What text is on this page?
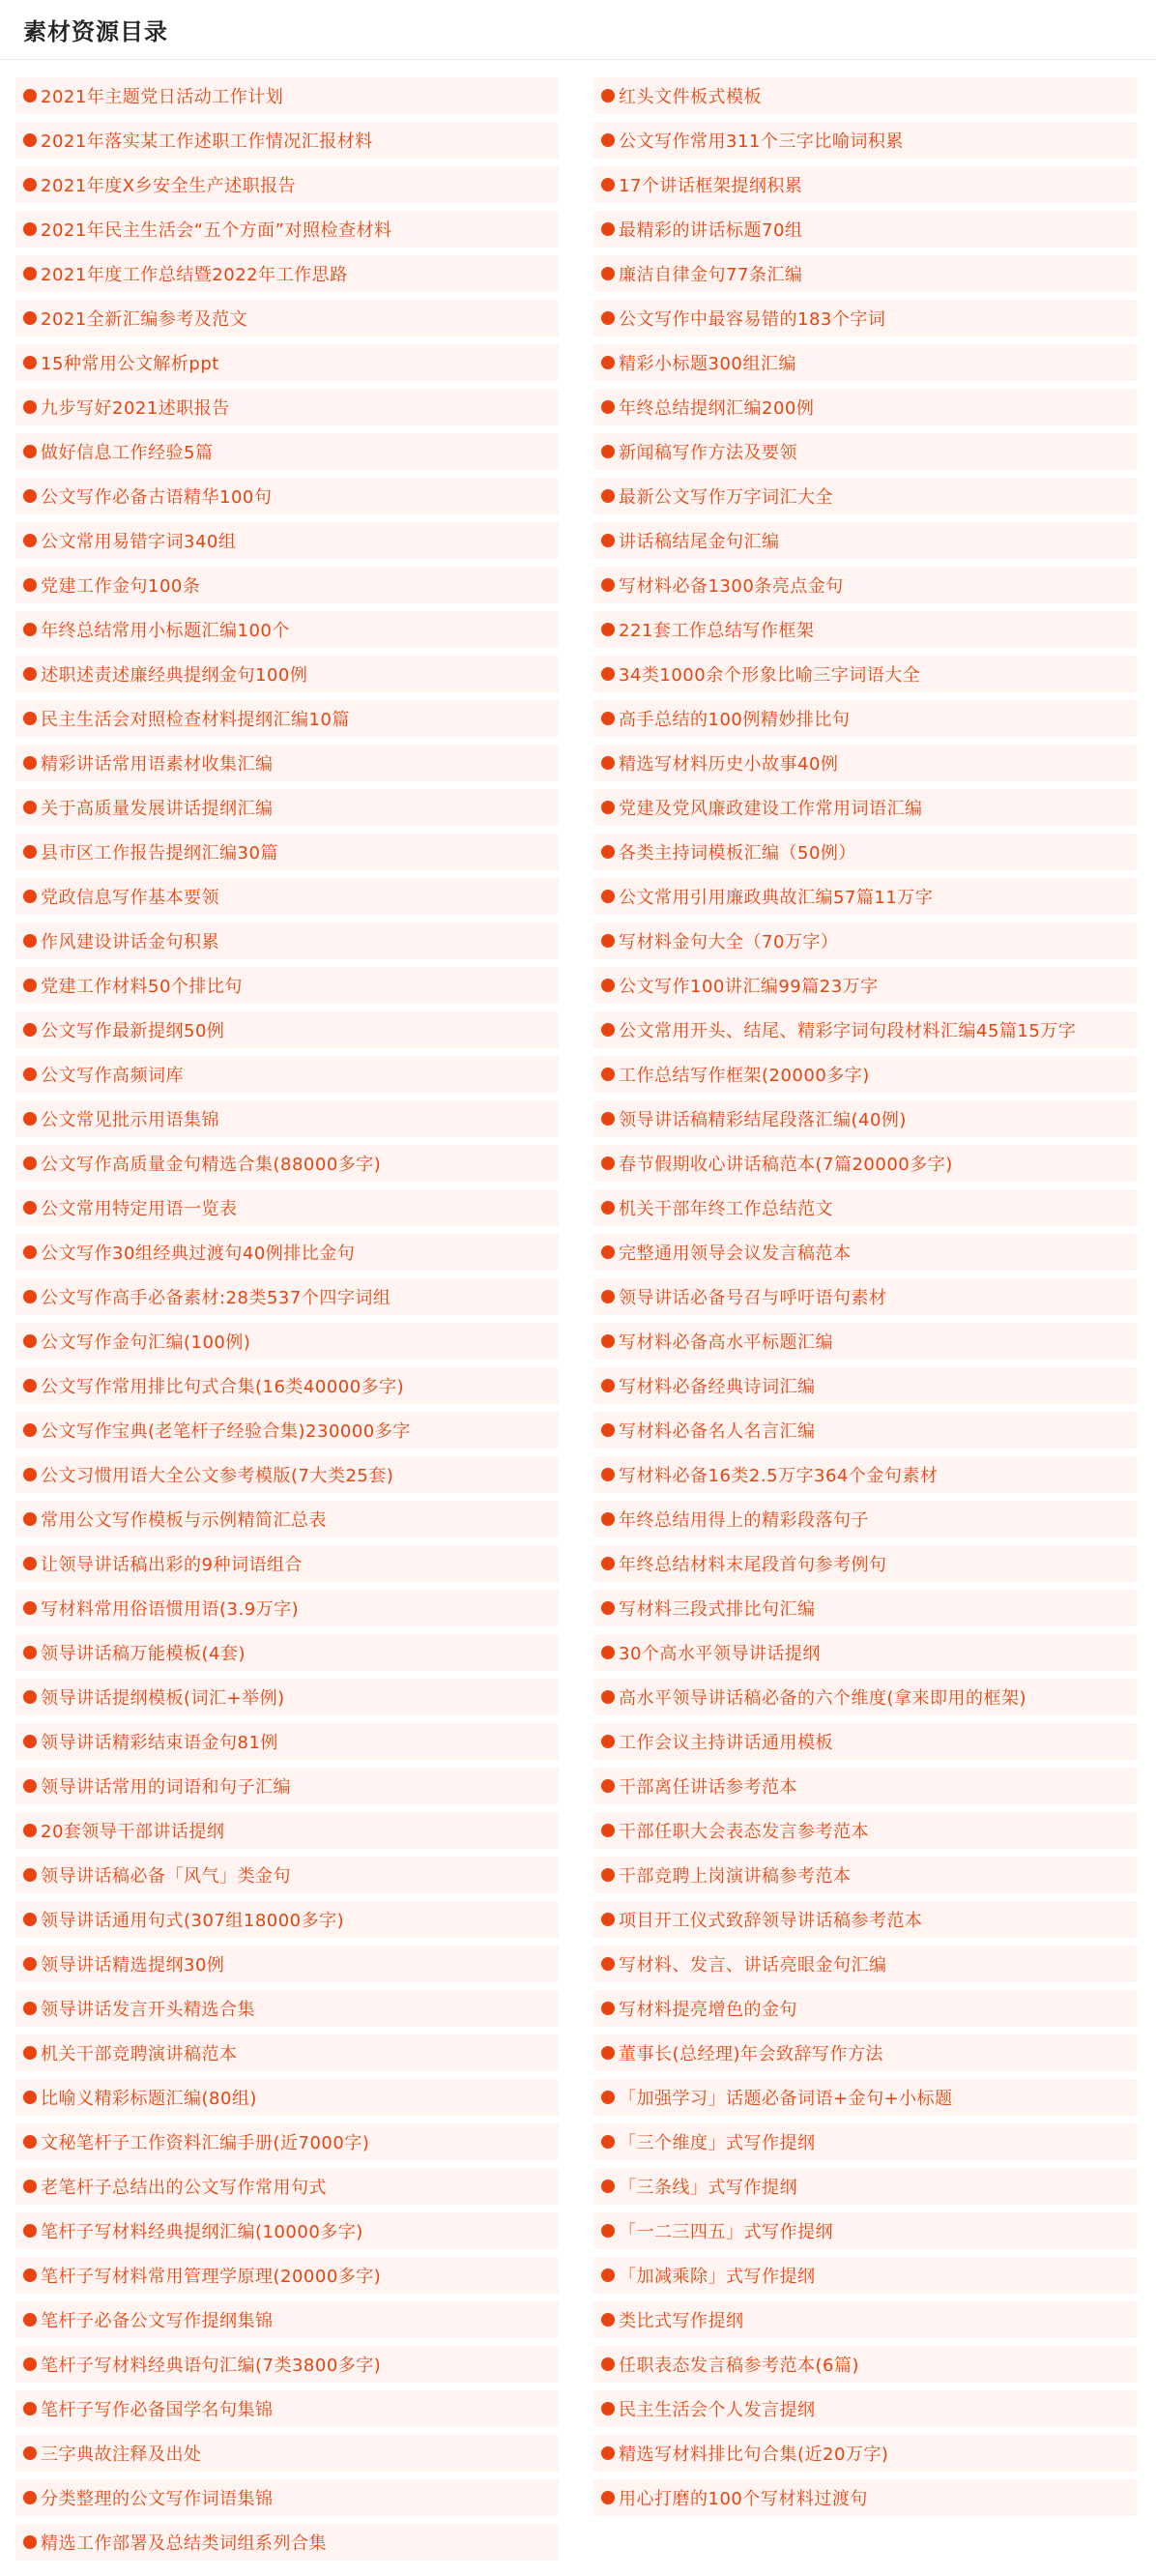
素材资源目录
2021年主题党日活动工作计划
2021年落实某工作述职工作情况汇报材料
2021年度X乡安全生产述职报告
2021年民主生活会“五个方面”对照检查材料
2021年度工作总结暨2022年工作思路
2021全新汇编参考及范文
15种常用公文解析ppt
九步写好2021述职报告
做好信息工作经验5篇
公文写作必备古语精华100句
公文常用易错字词340组
党建工作金句100条
年终总结常用小标题汇编100个
述职述责述廉经典提纲金句100例
民主生活会对照检查材料提纲汇编10篇
精彩讲话常用语素材收集汇编
关于高质量发展讲话提纲汇编
县市区工作报告提纲汇编30篇
党政信息写作基本要领
作风建设讲话金句积累
党建工作材料50个排比句
公文写作最新提纲50例
公文写作高频词库
公文常见批示用语集锦
公文写作高质量金句精选合集(88000多字)
公文常用特定用语一览表
公文写作30组经典过渡句40例排比金句
公文写作高手必备素材:28类537个四字词组
公文写作金句汇编(100例)
公文写作常用排比句式合集(16类40000多字)
公文写作宝典(老笔杆子经验合集)230000多字
公文习惯用语大全公文参考模版(7大类25套)
常用公文写作模板与示例精简汇总表
让领导讲话稿出彩的9种词语组合
写材料常用俗语惯用语(3.9万字)
领导讲话稿万能模板(4套)
领导讲话提纲模板(词汇+举例)
领导讲话精彩结束语金句81例
领导讲话常用的词语和句子汇编
20套领导干部讲话提纲
领导讲话稿必备「风气」类金句
领导讲话通用句式(307组18000多字)
领导讲话精选提纲30例
领导讲话发言开头精选合集
机关干部竞聘演讲稿范本
比喻义精彩标题汇编(80组)
文秘笔杆子工作资料汇编手册(近7000字)
老笔杆子总结出的公文写作常用句式
笔杆子写材料经典提纲汇编(10000多字)
笔杆子写材料常用管理学原理(20000多字)
笔杆子必备公文写作提纲集锦
笔杆子写材料经典语句汇编(7类3800多字)
笔杆子写作必备国学名句集锦
三字典故注释及出处
分类整理的公文写作词语集锦
精选工作部署及总结类词组系列合集
红头文件板式模板
公文写作常用311个三字比喻词积累
17个讲话框架提纲积累
最精彩的讲话标题70组
廉洁自律金句77条汇编
公文写作中最容易错的183个字词
精彩小标题300组汇编
年终总结提纲汇编200例
新闻稿写作方法及要领
最新公文写作万字词汇大全
讲话稿结尾金句汇编
写材料必备1300条亮点金句
221套工作总结写作框架
34类1000余个形象比喻三字词语大全
高手总结的100例精妙排比句
精选写材料历史小故事40例
党建及党风廉政建设工作常用词语汇编
各类主持词模板汇编（50例）
公文常用引用廉政典故汇编57篇11万字
写材料金句大全（70万字）
公文写作100讲汇编99篇23万字
公文常用开头、结尾、精彩字词句段材料汇编45篇15万字
工作总结写作框架(20000多字)
领导讲话稿精彩结尾段落汇编(40例)
春节假期收心讲话稿范本(7篇20000多字)
机关干部年终工作总结范文
完整通用领导会议发言稿范本
领导讲话必备号召与呼吁语句素材
写材料必备高水平标题汇编
写材料必备经典诗词汇编
写材料必备名人名言汇编
写材料必备16类2.5万字364个金句素材
年终总结用得上的精彩段落句子
年终总结材料末尾段首句参考例句
写材料三段式排比句汇编
30个高水平领导讲话提纲
高水平领导讲话稿必备的六个维度(拿来即用的框架)
工作会议主持讲话通用模板
干部离任讲话参考范本
干部任职大会表态发言参考范本
干部竞聘上岗演讲稿参考范本
项目开工仪式致辞领导讲话稿参考范本
写材料、发言、讲话亮眼金句汇编
写材料提亮增色的金句
董事长(总经理)年会致辞写作方法
「加强学习」话题必备词语+金句+小标题
「三个维度」式写作提纲
「三条线」式写作提纲
「一二三四五」式写作提纲
「加减乘除」式写作提纲
类比式写作提纲
任职表态发言稿参考范本(6篇)
民主生活会个人发言提纲
精选写材料排比句合集(近20万字)
用心打磨的100个写材料过渡句
